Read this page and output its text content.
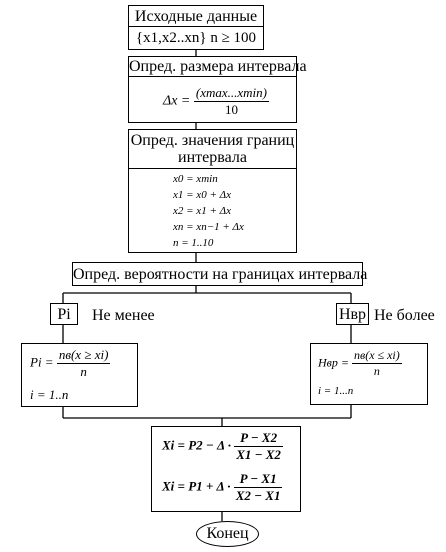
Исходные данные
{x1,x2..xn} n ≥ 100
Опред. размера интервала
$\Delta x = \frac{(xmax...xmin)}{10}$
Опред. значения границ
интервала
x0 = xmin
x1 = x0 + Δx
x2 = x1 + Δx
xn = xn−1 + Δx
n = 1..10
Опред. вероятности на границах интервала
Pi	Не менее	Нвр Не более
$Pi = \frac{nв(x \ge xi)}{n}$
i = 1..n
Нвр = $\frac{nв(x \le xi)}{n}$
i = 1...n
$Xi = P2 - \Delta \cdot \frac{P - X2}{X1 - X2}$
$Xi = P1 + \Delta \cdot \frac{P - X1}{X2 - X1}$
Конец
